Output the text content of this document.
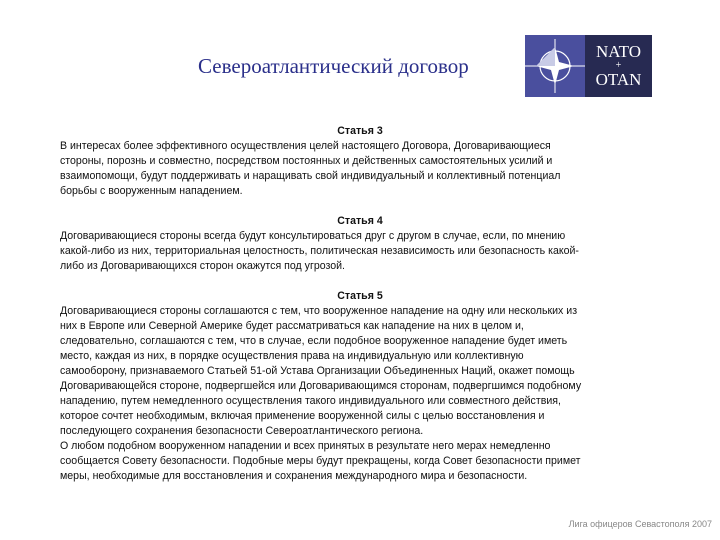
Североатлантический договор
NATO
+
OTAN
Статья 3
В интересах более эффективного осуществления целей настоящего Договора, Договаривающиеся
стороны, порознь и совместно, посредством постоянных и действенных самостоятельных усилий и
взаимопомощи, будут поддерживать и наращивать свой индивидуальный и коллективный потенциал
борьбы с вооруженным нападением.
Статья 4
Договаривающиеся стороны всегда будут консультироваться друг с другом в случае, если, по мнению
какой-либо из них, территориальная целостность, политическая независимость или безопасность какой-
либо из Договаривающихся сторон окажутся под угрозой.
Статья 5
Договаривающиеся стороны соглашаются с тем, что вооруженное нападение на одну или нескольких из
них в Европе или Северной Америке будет рассматриваться как нападение на них в целом и,
следовательно, соглашаются с тем, что в случае, если подобное вооруженное нападение будет иметь
место, каждая из них, в порядке осуществления права на индивидуальную или коллективную
самооборону, признаваемого Статьей 51-ой Устава Организации Объединенных Наций, окажет помощь
Договаривающейся стороне, подвергшейся или Договаривающимся сторонам, подвергшимся подобному
нападению, путем немедленного осуществления такого индивидуального или совместного действия,
которое сочтет необходимым, включая применение вооруженной силы с целью восстановления и
последующего сохранения безопасности Североатлантического региона.
О любом подобном вооруженном нападении и всех принятых в результате него мерах немедленно
сообщается Совету безопасности. Подобные меры будут прекращены, когда Совет безопасности примет
меры, необходимые для восстановления и сохранения международного мира и безопасности.
Лига офицеров Севастополя 2007
